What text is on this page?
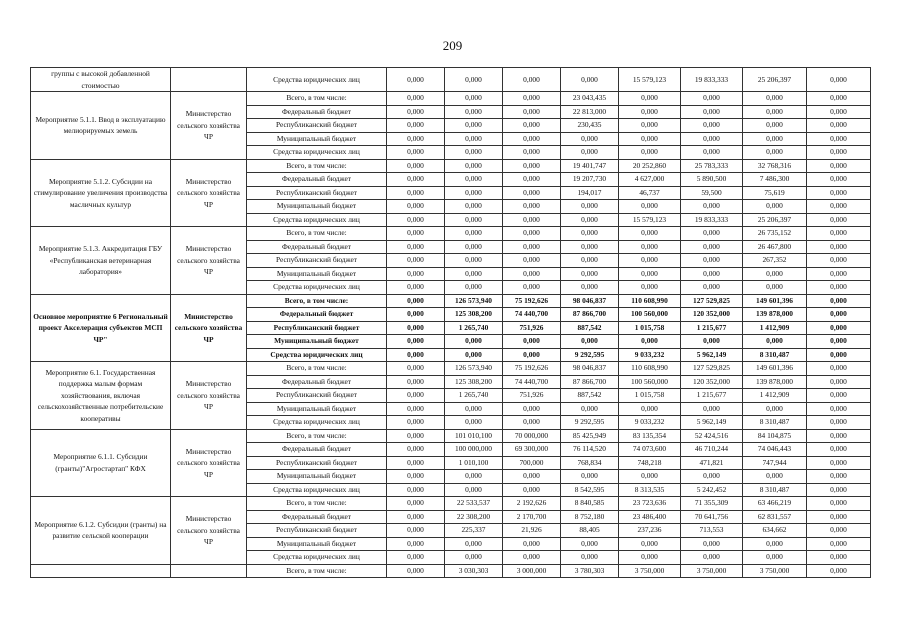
209
группы с высокой добавленной стоимостью		Средства юридических лиц	0,000	0,000	0,000	0,000	15 579,123	19 833,333	25 206,397	0,000
Мероприятие 5.1.1. Ввод в эксплуатацию мелиорируемых земель	Министерство сельского хозяйства ЧР	Всего, в том числе:	0,000	0,000	0,000	23 043,435	0,000	0,000	0,000	0,000
		Федеральный бюджет	0,000	0,000	0,000	22 813,000	0,000	0,000	0,000	0,000
		Республиканский бюджет	0,000	0,000	0,000	230,435	0,000	0,000	0,000	0,000
		Муниципальный бюджет	0,000	0,000	0,000	0,000	0,000	0,000	0,000	0,000
		Средства юридических лиц	0,000	0,000	0,000	0,000	0,000	0,000	0,000	0,000
Мероприятие 5.1.2. Субсидии на стимулирование увеличения производства масличных культур	Министерство сельского хозяйства ЧР	Всего, в том числе:	0,000	0,000	0,000	19 401,747	20 252,860	25 783,333	32 768,316	0,000
		Федеральный бюджет	0,000	0,000	0,000	19 207,730	4 627,000	5 890,500	7 486,300	0,000
		Республиканский бюджет	0,000	0,000	0,000	194,017	46,737	59,500	75,619	0,000
		Муниципальный бюджет	0,000	0,000	0,000	0,000	0,000	0,000	0,000	0,000
		Средства юридических лиц	0,000	0,000	0,000	0,000	15 579,123	19 833,333	25 206,397	0,000
Мероприятие 5.1.3. Аккредитация ГБУ «Республиканская ветеринарная лаборатория»	Министерство сельского хозяйства ЧР	Всего, в том числе:	0,000	0,000	0,000	0,000	0,000	0,000	26 735,152	0,000
		Федеральный бюджет	0,000	0,000	0,000	0,000	0,000	0,000	26 467,800	0,000
		Республиканский бюджет	0,000	0,000	0,000	0,000	0,000	0,000	267,352	0,000
		Муниципальный бюджет	0,000	0,000	0,000	0,000	0,000	0,000	0,000	0,000
		Средства юридических лиц	0,000	0,000	0,000	0,000	0,000	0,000	0,000	0,000
Основное мероприятие 6 Региональный проект Акселерация субъектов МСП ЧР"	Министерство сельского хозяйства ЧР	Всего, в том числе:	0,000	126 573,940	75 192,626	98 046,837	110 608,990	127 529,825	149 601,396	0,000
		Федеральный бюджет	0,000	125 308,200	74 440,700	87 866,700	100 560,000	120 352,000	139 878,000	0,000
		Республиканский бюджет	0,000	1 265,740	751,926	887,542	1 015,758	1 215,677	1 412,909	0,000
		Муниципальный бюджет	0,000	0,000	0,000	0,000	0,000	0,000	0,000	0,000
		Средства юридических лиц	0,000	0,000	0,000	9 292,595	9 033,232	5 962,149	8 310,487	0,000
Мероприятие 6.1. Государственная поддержка малым формам хозяйствования, включая сельскохозяйственные потребительские кооперативы	Министерство сельского хозяйства ЧР	Всего, в том числе:	0,000	126 573,940	75 192,626	98 046,837	110 608,990	127 529,825	149 601,396	0,000
		Федеральный бюджет	0,000	125 308,200	74 440,700	87 866,700	100 560,000	120 352,000	139 878,000	0,000
		Республиканский бюджет	0,000	1 265,740	751,926	887,542	1 015,758	1 215,677	1 412,909	0,000
		Муниципальный бюджет	0,000	0,000	0,000	0,000	0,000	0,000	0,000	0,000
		Средства юридических лиц	0,000	0,000	0,000	9 292,595	9 033,232	5 962,149	8 310,487	0,000
Мероприятие 6.1.1. Субсидии (гранты)"Агростартап" КФХ	Министерство сельского хозяйства ЧР	Всего, в том числе:	0,000	101 010,100	70 000,000	85 425,949	83 135,354	52 424,516	84 104,875	0,000
		Федеральный бюджет	0,000	100 000,000	69 300,000	76 114,520	74 073,600	46 710,244	74 046,443	0,000
		Республиканский бюджет	0,000	1 010,100	700,000	768,834	748,218	471,821	747,944	0,000
		Муниципальный бюджет	0,000	0,000	0,000	0,000	0,000	0,000	0,000	0,000
		Средства юридических лиц	0,000	0,000	0,000	8 542,595	8 313,535	5 242,452	8 310,487	0,000
Мероприятие 6.1.2. Субсидии (гранты) на развитие сельской кооперации	Министерство сельского хозяйства ЧР	Всего, в том числе:	0,000	22 533,537	2 192,626	8 840,585	23 723,636	71 355,309	63 466,219	0,000
		Федеральный бюджет	0,000	22 308,200	2 170,700	8 752,180	23 486,400	70 641,756	62 831,557	0,000
		Республиканский бюджет	0,000	225,337	21,926	88,405	237,236	713,553	634,662	0,000
		Муниципальный бюджет	0,000	0,000	0,000	0,000	0,000	0,000	0,000	0,000
		Средства юридических лиц	0,000	0,000	0,000	0,000	0,000	0,000	0,000	0,000
		Всего, в том числе:	0,000	3 030,303	3 000,000	3 780,303	3 750,000	3 750,000	3 750,000	0,000
